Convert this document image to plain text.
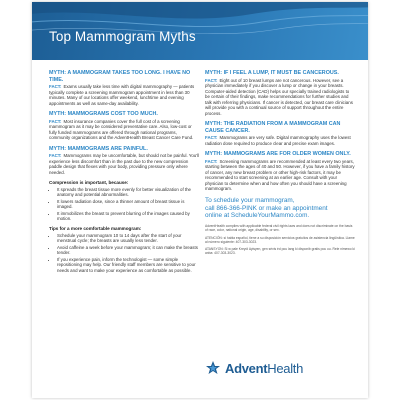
Top Mammogram Myths
MYTH: A MAMMOGRAM TAKES TOO LONG. I HAVE NO TIME.

FACT: Exams usually take less time with digital mammography — patients typically complete a screening mammogram appointment in less than 30 minutes. Many of our locations offer weekend, lunchtime and evening appointments as well as same-day availability.

MYTH: MAMMOGRAMS COST TOO MUCH.

FACT: Most insurance companies cover the full cost of a screening mammogram as it may be considered preventative care. Also, low-cost or fully funded mammograms are offered through national programs, community organizations and the AdventHealth Breast Cancer Care Fund.

MYTH: MAMMOGRAMS ARE PAINFUL.

FACT: Mammograms may be uncomfortable, but should not be painful. You'll experience less discomfort than in the past due to the new compression paddle design that flexes with your body, providing pressure only where needed.

Compression is important, because:
• It spreads the breast tissue more evenly for better visualization of the anatomy and potential abnormalities.
• It lowers radiation dose, since a thinner amount of breast tissue is imaged.
• It immobilizes the breast to prevent blurring of the images caused by motion.
Tips for a more comfortable mammogram:
• Schedule your mammogram 10 to 14 days after the start of your menstrual cycle; the breasts are usually less tender.
• Avoid caffeine a week before your mammogram; it can make the breasts tender.
• If you experience pain, inform the technologist — some simple repositioning may help. Our friendly staff members are sensitive to your needs and want to make your experience as comfortable as possible.
MYTH: IF I FEEL A LUMP, IT MUST BE CANCEROUS.

FACT: Eight out of 10 breast lumps are not cancerous. However, see a physician immediately if you discover a lump or change in your breasts. Computer-aided detection (CAD) helps our specially trained radiologists to be certain of their findings, make recommendations for further studies and talk with referring physicians. If cancer is detected, our breast care clinicians will provide you with a continual source of support throughout the entire process.

MYTH: THE RADIATION FROM A MAMMOGRAM CAN CAUSE CANCER.

FACT: Mammograms are very safe. Digital mammography uses the lowest radiation dose required to produce clear and precise exam images.

MYTH: MAMMOGRAMS ARE FOR OLDER WOMEN ONLY.

FACT: Screening mammograms are recommended at least every two years, starting between the ages of 40 and 50. However, if you have a family history of cancer, any new breast problem or other high-risk factors, it may be recommended to start screening at an earlier age. Consult with your physician to determine when and how often you should have a screening mammogram.

To schedule your mammogram,
call 866-366-PINK or make an appointment
online at ScheduleYourMammo.com.

AdventHealth complies with applicable federal civil rights laws and does not discriminate on the basis of race, color, national origin, age, disability, or sex.

ATENCIÓN: si habla español, tiene a su disposición servicios gratuitos de asistencia lingüística. Llame al número siguiente: 407-303-3023.

ATANSYON: Si w pale Kreyòl Ayisyen, gen sèvis èd pou lang ki disponib gratis pou ou. Rele nimewo ki anba: 407-303-3023.

AdventHealth
